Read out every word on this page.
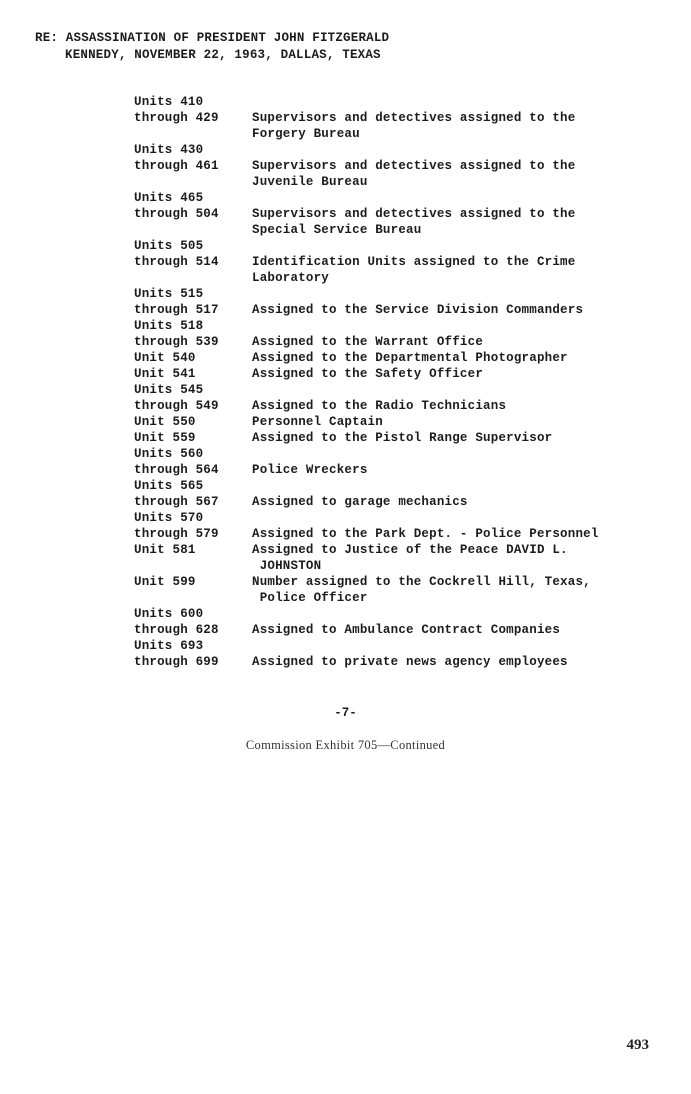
RE: ASSASSINATION OF PRESIDENT JOHN FITZGERALD
KENNEDY, NOVEMBER 22, 1963, DALLAS, TEXAS
Units 410
through 429	Supervisors and detectives assigned to the
Forgery Bureau
Units 430
through 461	Supervisors and detectives assigned to the
Juvenile Bureau
Units 465
through 504	Supervisors and detectives assigned to the
Special Service Bureau
Units 505
through 514	Identification Units assigned to the Crime
Laboratory
Units 515
through 517	Assigned to the Service Division Commanders
Units 518
through 539	Assigned to the Warrant Office
Unit 540	Assigned to the Departmental Photographer
Unit 541	Assigned to the Safety Officer
Units 545
through 549	Assigned to the Radio Technicians
Unit 550	Personnel Captain
Unit 559	Assigned to the Pistol Range Supervisor
Units 560
through 564	Police Wreckers
Units 565
through 567	Assigned to garage mechanics
Units 570
through 579	Assigned to the Park Dept. - Police Personnel
Unit 581	Assigned to Justice of the Peace DAVID L.
JOHNSTON
Unit 599	Number assigned to the Cockrell Hill, Texas,
Police Officer
Units 600
through 628	Assigned to Ambulance Contract Companies
Units 693
through 699	Assigned to private news agency employees
-7-
Commission Exhibit 705—Continued
493
